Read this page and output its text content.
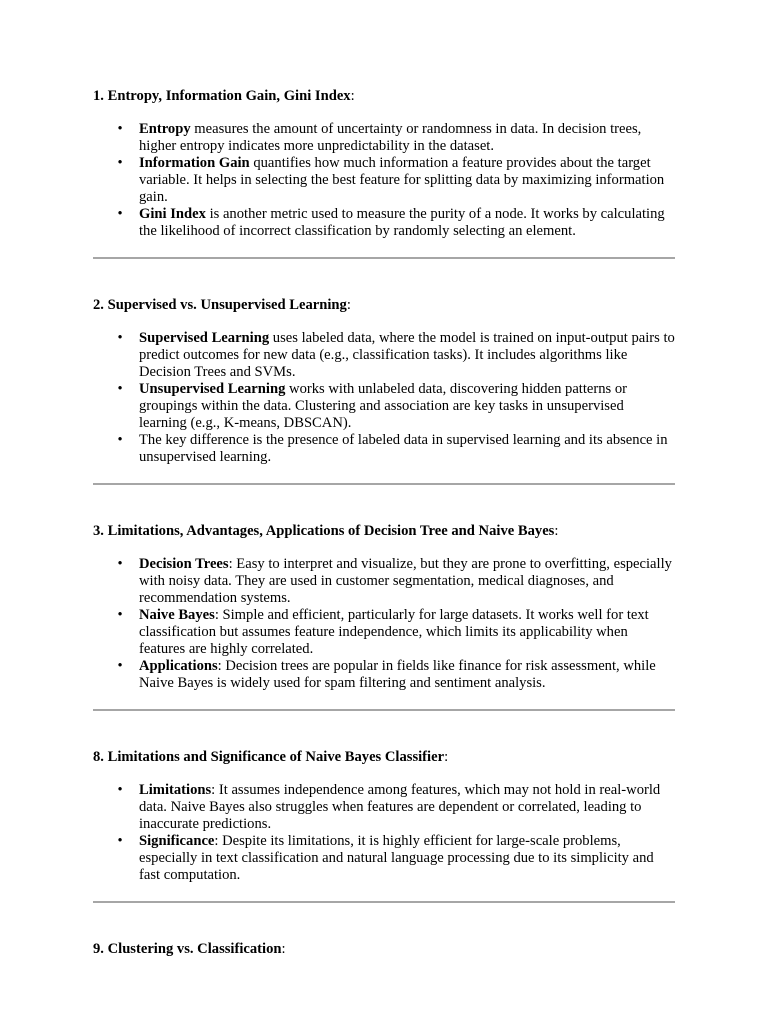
1. Entropy, Information Gain, Gini Index:

• Entropy measures the amount of uncertainty or randomness in data. In decision trees, higher entropy indicates more unpredictability in the dataset.
• Information Gain quantifies how much information a feature provides about the target variable. It helps in selecting the best feature for splitting data by maximizing information gain.
• Gini Index is another metric used to measure the purity of a node. It works by calculating the likelihood of incorrect classification by randomly selecting an element.

2. Supervised vs. Unsupervised Learning:

• Supervised Learning uses labeled data, where the model is trained on input-output pairs to predict outcomes for new data (e.g., classification tasks). It includes algorithms like Decision Trees and SVMs.
• Unsupervised Learning works with unlabeled data, discovering hidden patterns or groupings within the data. Clustering and association are key tasks in unsupervised learning (e.g., K-means, DBSCAN).
• The key difference is the presence of labeled data in supervised learning and its absence in unsupervised learning.

3. Limitations, Advantages, Applications of Decision Tree and Naive Bayes:

• Decision Trees: Easy to interpret and visualize, but they are prone to overfitting, especially with noisy data. They are used in customer segmentation, medical diagnoses, and recommendation systems.
• Naive Bayes: Simple and efficient, particularly for large datasets. It works well for text classification but assumes feature independence, which limits its applicability when features are highly correlated.
• Applications: Decision trees are popular in fields like finance for risk assessment, while Naive Bayes is widely used for spam filtering and sentiment analysis.

8. Limitations and Significance of Naive Bayes Classifier:

• Limitations: It assumes independence among features, which may not hold in real-world data. Naive Bayes also struggles when features are dependent or correlated, leading to inaccurate predictions.
• Significance: Despite its limitations, it is highly efficient for large-scale problems, especially in text classification and natural language processing due to its simplicity and fast computation.

9. Clustering vs. Classification:
